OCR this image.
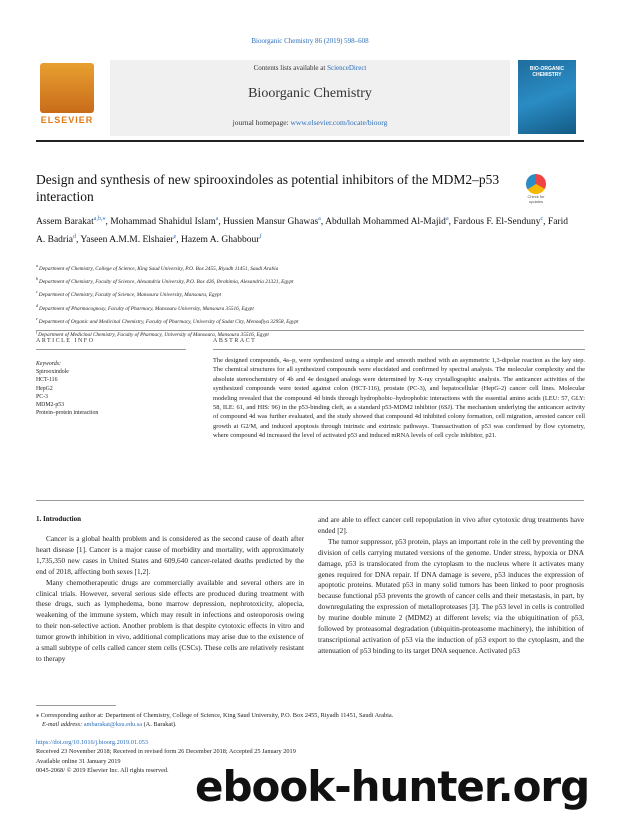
Bioorganic Chemistry 86 (2019) 598–608
ELSEVIER
Contents lists available at ScienceDirect
Bioorganic Chemistry
journal homepage: www.elsevier.com/locate/bioorg
BIO-ORGANIC CHEMISTRY
Design and synthesis of new spirooxindoles as potential inhibitors of the MDM2–p53 interaction	Check for updates
Assem Barakat$^{a,b,⁎}$, Mohammad Shahidul Islam$^a$, Hussien Mansur Ghawas$^a$, Abdullah Mohammed Al-Majid$^a$, Fardous F. El-Senduny$^c$, Farid A. Badria$^d$, Yaseen A.M.M. Elshaier$^e$, Hazem A. Ghabbour$^f$
$^a$ Department of Chemistry, College of Science, King Saud University, P.O. Box 2455, Riyadh 11451, Saudi Arabia
$^b$ Department of Chemistry, Faculty of Science, Alexandria University, P.O. Box 426, Ibrahimia, Alexandria 21321, Egypt
$^c$ Department of Chemistry, Faculty of Science, Mansoura University, Mansoura, Egypt
$^d$ Department of Pharmacognosy, Faculty of Pharmacy, Mansoura University, Mansoura 35516, Egypt
$^e$ Department of Organic and Medicinal Chemistry, Faculty of Pharmacy, University of Sadat City, Menoufiya 32958, Egypt
$^f$ Department of Medicinal Chemistry, Faculty of Pharmacy, University of Mansoura, Mansoura 35516, Egypt
ARTICLE INFO	ABSTRACT
Keywords:
Spirooxindole
HCT-116
HepG2
PC-3
MDM2-p53
Protein–protein interaction
The designed compounds, 4a–p, were synthesized using a simple and smooth method with an asymmetric 1,3-dipolar reaction as the key step. The chemical structures for all synthesized compounds were elucidated and confirmed by spectral analysis. The molecular complexity and the absolute stereochemistry of 4b and 4e designed analogs were determined by X-ray crystallographic analysis. The anticancer activities of the synthesized compounds were tested against colon (HCT-116), prostate (PC-3), and hepatocellular (HepG-2) cancer cell lines. Molecular modeling revealed that the compound 4d binds through hydrophobic–hydrophobic interactions with the essential amino acids (LEU: 57, GLY: 58, ILE: 61, and HIS: 96) in the p53-binding cleft, as a standard p53-MDM2 inhibitor (6SJ). The mechanism underlying the anticancer activity of compound 4d was further evaluated, and the study showed that compound 4d inhibited colony formation, cell migration, arrested cancer cell growth at G2/M, and induced apoptosis through intrinsic and extrinsic pathways. Transactivation of p53 was confirmed by flow cytometry, where compound 4d increased the level of activated p53 and induced mRNA levels of cell cycle inhibitor, p21.
1. Introduction

Cancer is a global health problem and is considered as the second cause of death after heart disease [1]. Cancer is a major cause of morbidity and mortality, with approximately 1,735,350 new cases in United States and 609,640 cancer-related deaths predicted by the end of 2018, affecting both sexes [1,2].

Many chemotherapeutic drugs are commercially available and several others are in clinical trials. However, several serious side effects are produced during treatment with these drugs, such as lymphedema, bone marrow depression, nephrotoxicity, alopecia, weakening of the immune system, which may result in infections and osteoporosis owing to their non-selective action. Another problem is that despite cytotoxic effects in vitro and tumor growth inhibition in vivo, additional complications may arise due to the existence of a small subtype of cells called cancer stem cells (CSCs). These cells are relatively resistant to therapy

and are able to effect cancer cell repopulation in vivo after cytotoxic drug treatments have ended [2].

The tumor suppressor, p53 protein, plays an important role in the cell by preventing the division of cells carrying mutated versions of the genome. Under stress, hypoxia or DNA damage, p53 is translocated from the cytoplasm to the nucleus where it activates many genes required for DNA repair. If DNA damage is severe, p53 induces the expression of apoptotic proteins. Mutated p53 in many solid tumors has been linked to poor prognosis because functional p53 prevents the growth of cancer cells and their metastasis, in part, by downregulating the expression of metalloproteases [3]. The p53 level in cells is controlled by murine double minute 2 (MDM2) at different levels; via the ubiquitination of p53, followed by proteasomal degradation (ubiquitin-proteasome machinery), the inhibition of transcriptional activation of p53 via the induction of p53 export to the cytoplasm, and the attenuation of p53 binding to its target DNA sequence. Activated p53

⁎ Corresponding author at: Department of Chemistry, College of Science, King Saud University, P.O. Box 2455, Riyadh 11451, Saudi Arabia.
E-mail address: ambarakat@ksu.edu.sa (A. Barakat).
https://doi.org/10.1016/j.bioorg.2019.01.053
Received 23 November 2018; Received in revised form 26 December 2018; Accepted 25 January 2019
Available online 31 January 2019
0045-2068/ © 2019 Elsevier Inc. All rights reserved. ebook-hunter.org
